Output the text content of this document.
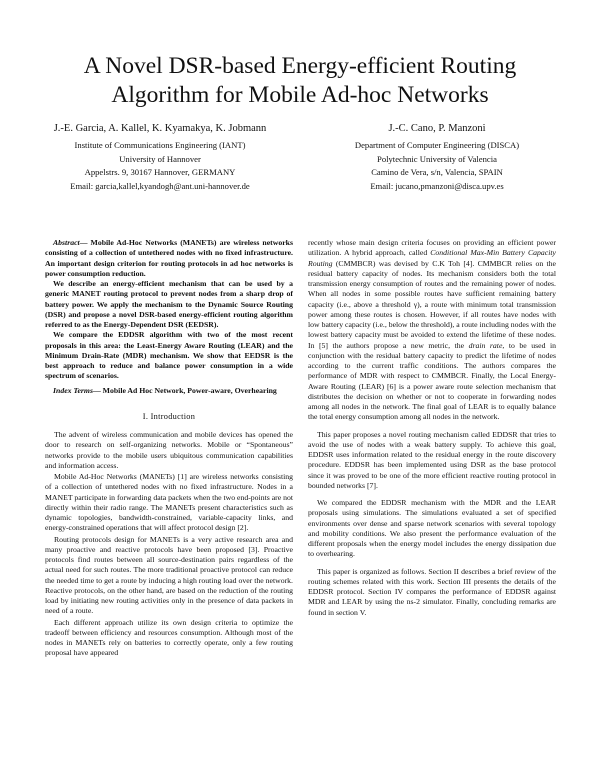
A Novel DSR-based Energy-efficient Routing
Algorithm for Mobile Ad-hoc Networks
J.-E. Garcia, A. Kallel, K. Kyamakya, K. Jobmann
Institute of Communications Engineering (IANT)
University of Hannover
Appelstrs. 9, 30167 Hannover, GERMANY
Email: garcia,kallel,kyandogh@ant.uni-hannover.de
J.-C. Cano, P. Manzoni
Department of Computer Engineering (DISCA)
Polytechnic University of Valencia
Camino de Vera, s/n, Valencia, SPAIN
Email: jucano,pmanzoni@disca.upv.es

Abstract— Mobile Ad-Hoc Networks (MANETs) are wireless networks consisting of a collection of untethered nodes with no fixed infrastructure. An important design criterion for routing protocols in ad hoc networks is power consumption reduction.

We describe an energy-efficient mechanism that can be used by a generic MANET routing protocol to prevent nodes from a sharp drop of battery power. We apply the mechanism to the Dynamic Source Routing (DSR) and propose a novel DSR-based energy-efficient routing algorithm referred to as the Energy-Dependent DSR (EEDSR).

We compare the EDDSR algorithm with two of the most recent proposals in this area: the Least-Energy Aware Routing (LEAR) and the Minimum Drain-Rate (MDR) mechanism. We show that EEDSR is the best approach to reduce and balance power consumption in a wide spectrum of scenarios.

Index Terms— Mobile Ad Hoc Network, Power-aware, Overhearing

I. Introduction

The advent of wireless communication and mobile devices has opened the door to research on self-organizing networks. Mobile or “Spontaneous” networks provide to the mobile users ubiquitous communication capabilities and information access.

Mobile Ad-Hoc Networks (MANETs) [1] are wireless networks consisting of a collection of untethered nodes with no fixed infrastructure. Nodes in a MANET participate in forwarding data packets when the two end-points are not directly within their radio range. The MANETs present characteristics such as dynamic topologies, bandwidth-constrained, variable-capacity links, and energy-constrained operations that will affect protocol design [2].

Routing protocols design for MANETs is a very active research area and many proactive and reactive protocols have been proposed [3]. Proactive protocols find routes between all source-destination pairs regardless of the actual need for such routes. The more traditional proactive protocol can reduce the needed time to get a route by inducing a high routing load over the network. Reactive protocols, on the other hand, are based on the reduction of the routing load by initiating new routing activities only in the presence of data packets in need of a route.

Each different approach utilize its own design criteria to optimize the tradeoff between efficiency and resources consumption. Although most of the nodes in MANETs rely on batteries to correctly operate, only a few routing proposal have appeared

recently whose main design criteria focuses on providing an efficient power utilization. A hybrid approach, called Conditional Max-Min Battery Capacity Routing (CMMBCR) was devised by C.K Toh [4]. CMMBCR relies on the residual battery capacity of nodes. Its mechanism considers both the total transmission energy consumption of routes and the remaining power of nodes. When all nodes in some possible routes have sufficient remaining battery capacity (i.e., above a threshold γ), a route with minimum total transmission power among these routes is chosen. However, if all routes have nodes with low battery capacity (i.e., below the threshold), a route including nodes with the lowest battery capacity must be avoided to extend the lifetime of these nodes. In [5] the authors propose a new metric, the drain rate, to be used in conjunction with the residual battery capacity to predict the lifetime of nodes according to the current traffic conditions. The authors compares the performance of MDR with respect to CMMBCR. Finally, the Local Energy-Aware Routing (LEAR) [6] is a power aware route selection mechanism that distributes the decision on whether or not to cooperate in forwarding nodes among all nodes in the network. The final goal of LEAR is to equally balance the total energy consumption among all nodes in the network.

This paper proposes a novel routing mechanism called EDDSR that tries to avoid the use of nodes with a weak battery supply. To achieve this goal, EDDSR uses information related to the residual energy in the route discovery procedure. EDDSR has been implemented using DSR as the base protocol since it was proved to be one of the more efficient reactive routing protocol in bounded networks [7].

We compared the EDDSR mechanism with the MDR and the LEAR proposals using simulations. The simulations evaluated a set of specified environments over dense and sparse network scenarios with several topology and mobility conditions. We also present the performance evaluation of the different proposals when the energy model includes the energy dissipation due to overhearing.

This paper is organized as follows. Section II describes a brief review of the routing schemes related with this work. Section III presents the details of the EDDSR protocol. Section IV compares the performance of EDDSR against MDR and LEAR by using the ns-2 simulator. Finally, concluding remarks are found in section V.
